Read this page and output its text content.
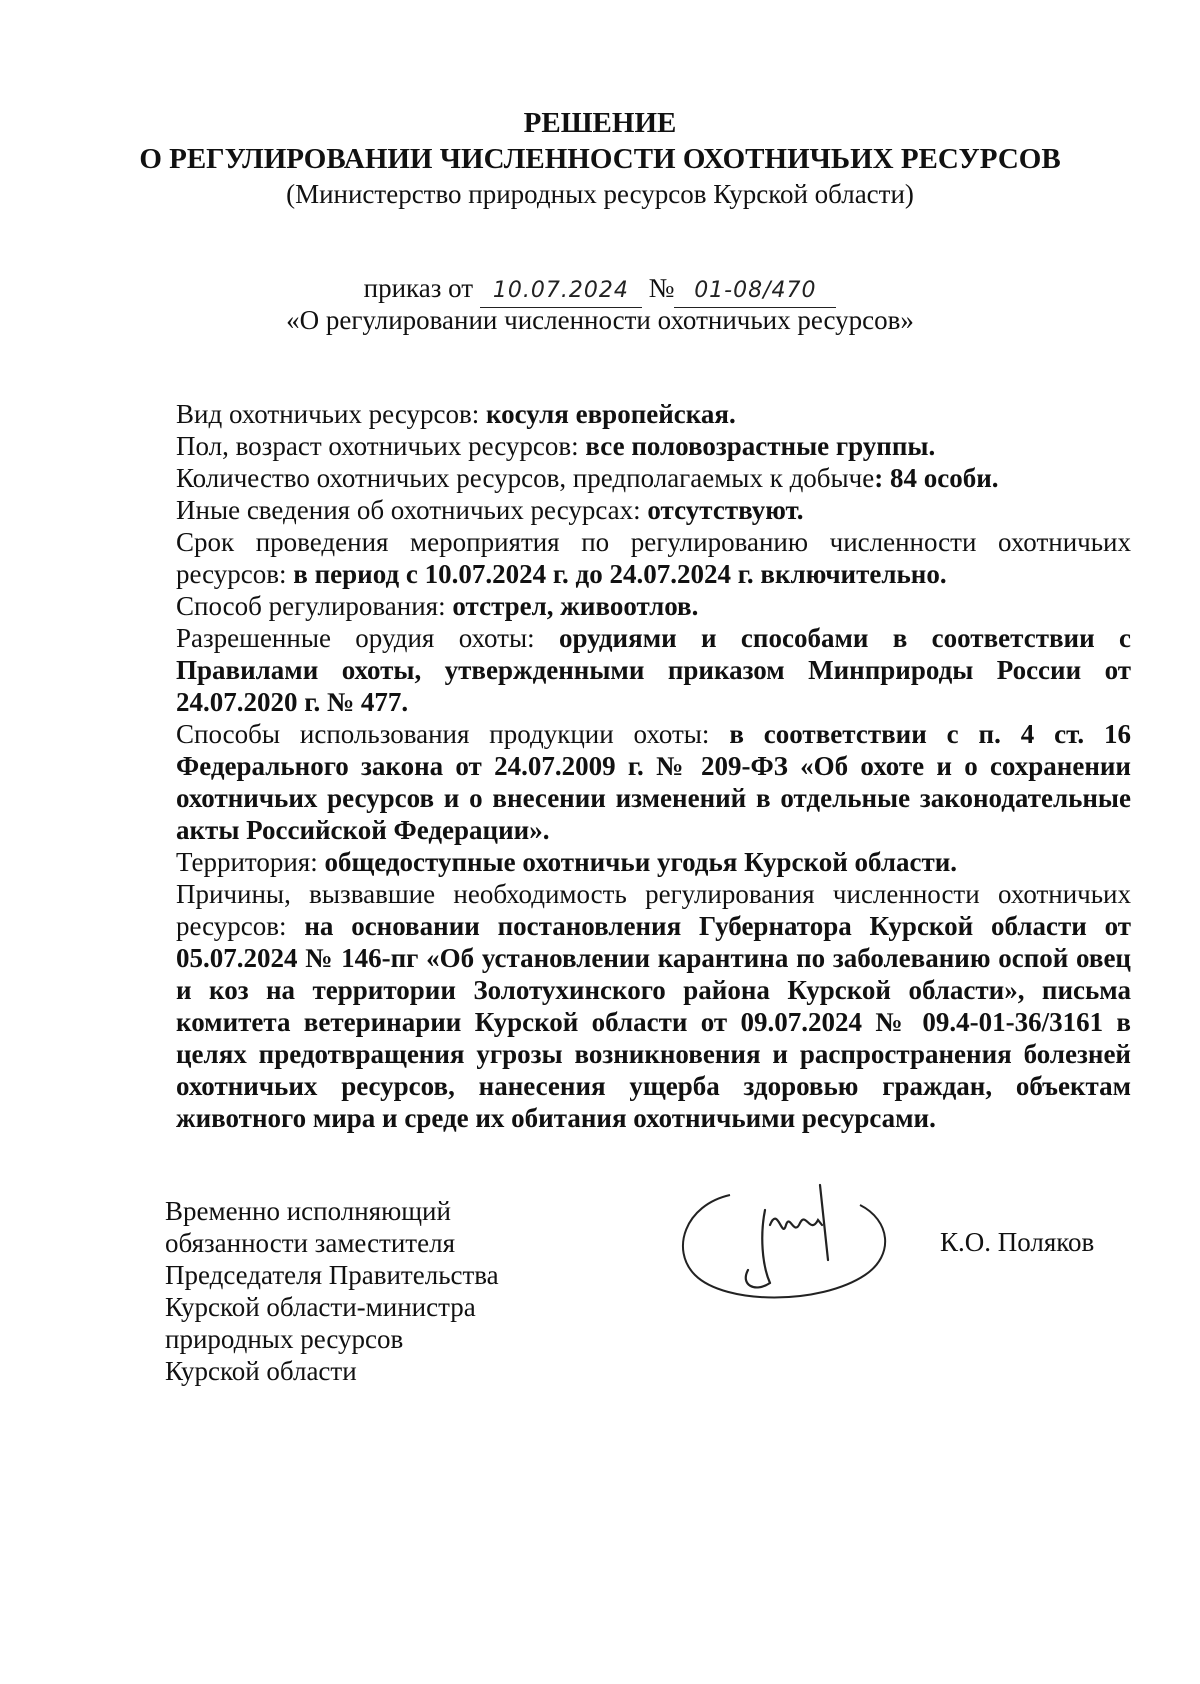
РЕШЕНИЕ
О РЕГУЛИРОВАНИИ ЧИСЛЕННОСТИ ОХОТНИЧЬИХ РЕСУРСОВ
(Министерство природных ресурсов Курской области)
приказ от 10.07.2024 № 01-08/470
«О регулировании численности охотничьих ресурсов»

Вид охотничьих ресурсов: косуля европейская.

Пол, возраст охотничьих ресурсов: все половозрастные группы.

Количество охотничьих ресурсов, предполагаемых к добыче: 84 особи.

Иные сведения об охотничьих ресурсах: отсутствуют.

Срок проведения мероприятия по регулированию численности охотничьих ресурсов: в период с 10.07.2024 г. до 24.07.2024 г. включительно.

Способ регулирования: отстрел, живоотлов.

Разрешенные орудия охоты: орудиями и способами в соответствии с Правилами охоты, утвержденными приказом Минприроды России от 24.07.2020 г. № 477.

Способы использования продукции охоты: в соответствии с п. 4 ст. 16 Федерального закона от 24.07.2009 г. № 209-ФЗ «Об охоте и о сохранении охотничьих ресурсов и о внесении изменений в отдельные законодательные акты Российской Федерации».

Территория: общедоступные охотничьи угодья Курской области.

Причины, вызвавшие необходимость регулирования численности охотничьих ресурсов: на основании постановления Губернатора Курской области от 05.07.2024 № 146-пг «Об установлении карантина по заболеванию оспой овец и коз на территории Золотухинского района Курской области», письма комитета ветеринарии Курской области от 09.07.2024 № 09.4-01-36/3161 в целях предотвращения угрозы возникновения и распространения болезней охотничьих ресурсов, нанесения ущерба здоровью граждан, объектам животного мира и среде их обитания охотничьими ресурсами.

Временно исполняющий
обязанности заместителя
Председателя Правительства
Курской области-министра
природных ресурсов
Курской области
К.О. Поляков
